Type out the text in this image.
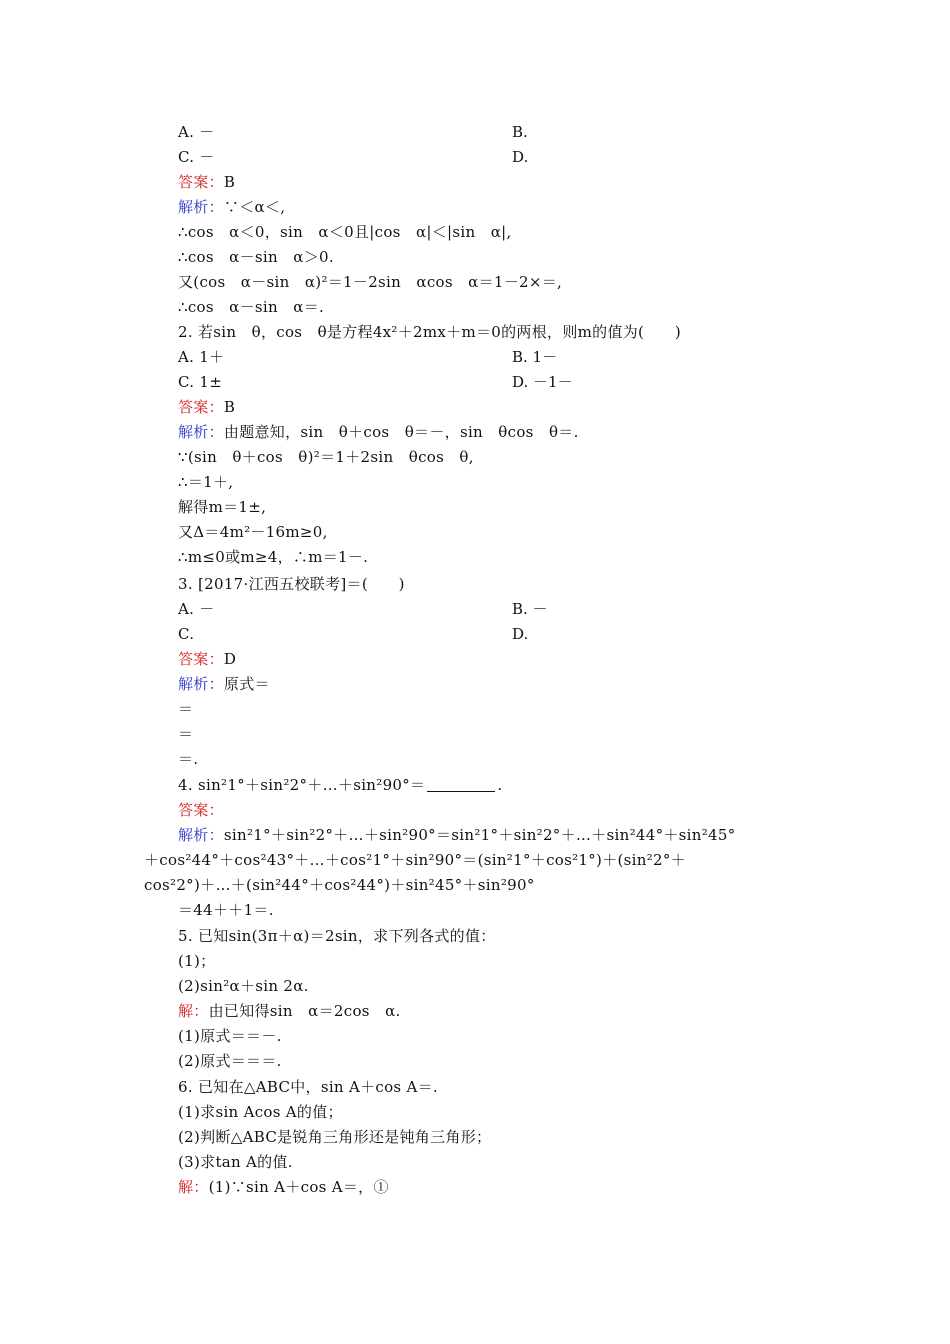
A. －	B.
C. －	D.
答案：B
解析：∵＜α＜,
∴cos　α＜0，sin　α＜0且|cos　α|＜|sin　α|,
∴cos　α－sin　α＞0.
又(cos　α－sin　α)²＝1－2sin　αcos　α＝1－2×＝,
∴cos　α－sin　α＝.
2. 若sin　θ，cos　θ是方程4x²＋2mx＋m＝0的两根，则m的值为(　　)
A. 1＋	B. 1－
C. 1±	D. －1－
答案：B
解析：由题意知，sin　θ＋cos　θ＝－，sin　θcos　θ＝.
∵(sin　θ＋cos　θ)²＝1＋2sin　θcos　θ,
∴＝1＋,
解得m＝1±,
又Δ＝4m²－16m≥0,
∴m≤0或m≥4，∴m＝1－.
3. [2017·江西五校联考]＝(　　)
A. －	B. －
C.	D.
答案：D
解析：原式＝
＝
＝
＝.
4. sin²1°＋sin²2°＋…＋sin²90°＝	.
答案：
解析：sin²1°＋sin²2°＋…＋sin²90°＝sin²1°＋sin²2°＋…＋sin²44°＋sin²45°
＋cos²44°＋cos²43°＋…＋cos²1°＋sin²90°＝(sin²1°＋cos²1°)＋(sin²2°＋
cos²2°)＋…＋(sin²44°＋cos²44°)＋sin²45°＋sin²90°
＝44＋＋1＝.
5. 已知sin(3π＋α)＝2sin，求下列各式的值：
(1)；
(2)sin²α＋sin 2α.
解：由已知得sin　α＝2cos　α.
(1)原式＝＝－.
(2)原式＝＝＝.
6. 已知在△ABC中，sin A＋cos A＝.
(1)求sin Acos A的值；
(2)判断△ABC是锐角三角形还是钝角三角形；
(3)求tan A的值.
解：(1)∵sin A＋cos A＝，①
